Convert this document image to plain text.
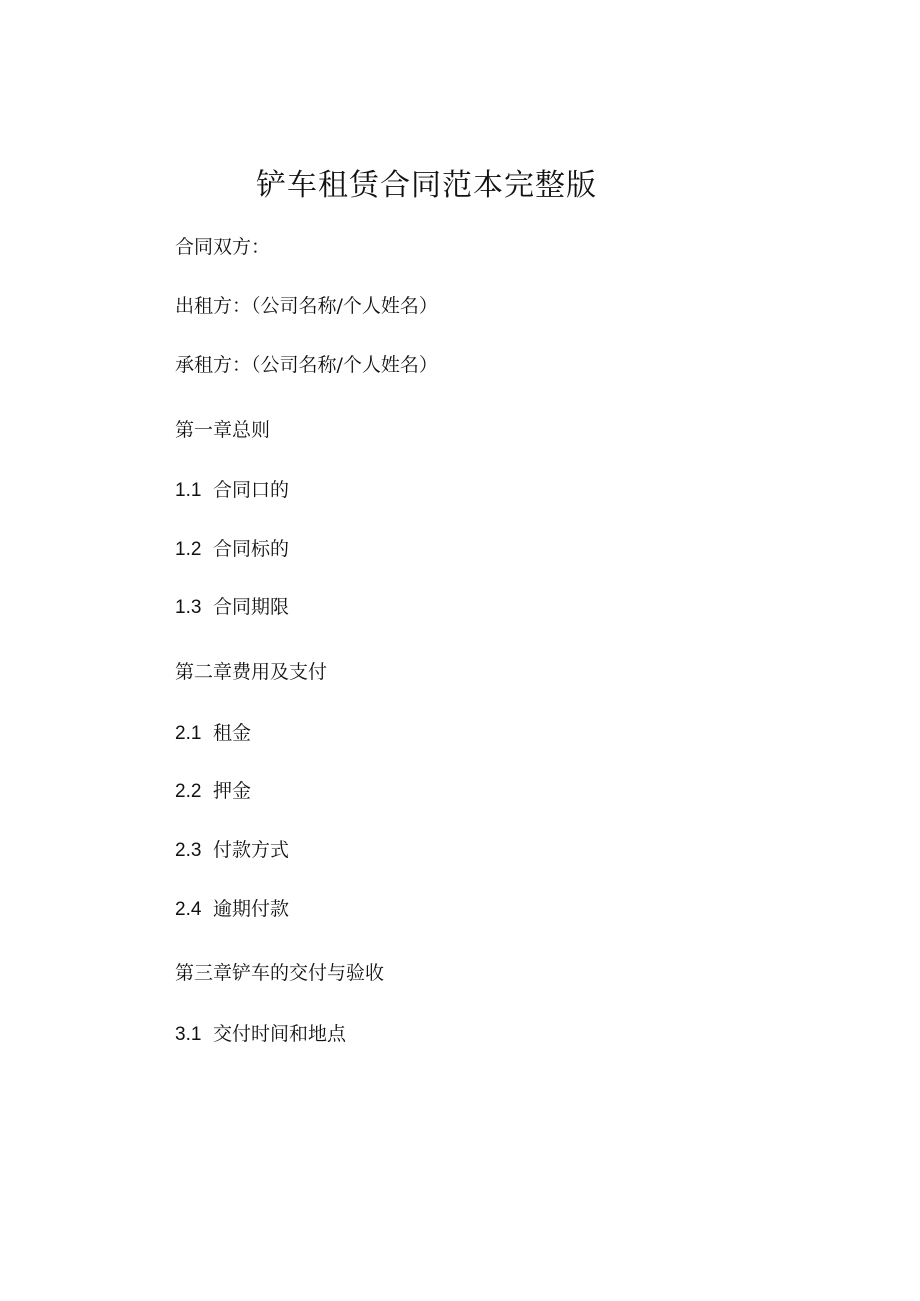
铲车租赁合同范本完整版
合同双方：
出租方：（公司名称/个人姓名）
承租方：（公司名称/个人姓名）
第一章总则
1.1 合同口的
1.2 合同标的
1.3 合同期限
第二章费用及支付
2.1 租金
2.2 押金
2.3 付款方式
2.4 逾期付款
第三章铲车的交付与验收
3.1 交付时间和地点
